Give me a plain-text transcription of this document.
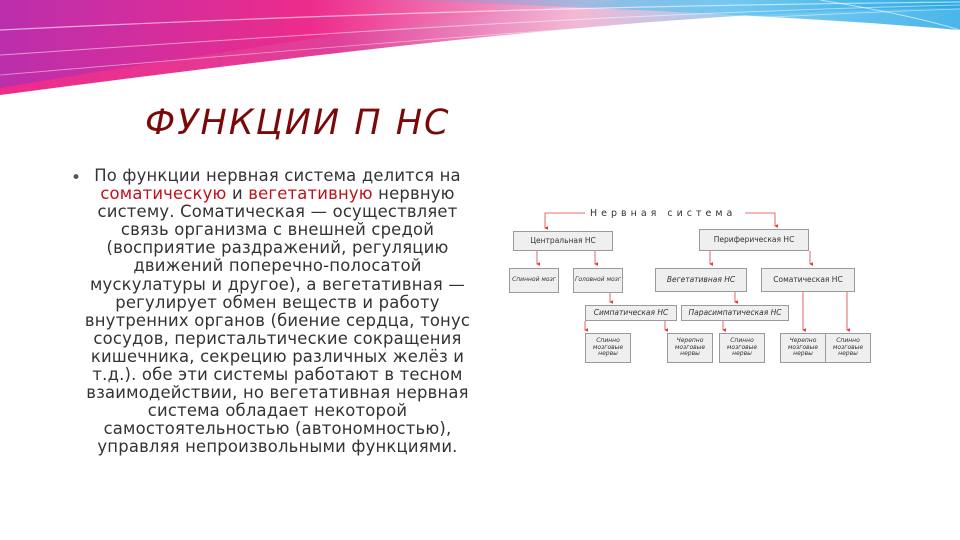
ФУНКЦИИ П НС
• По функции нервная система делится на соматическую и вегетативную нервную систему. Соматическая — осуществляет связь организма с внешней средой (восприятие раздражений, регуляцию движений поперечно-полосатой мускулатуры и другое), а вегетативная — регулирует обмен веществ и работу внутренних органов (биение сердца, тонус сосудов, перистальтические сокращения кишечника, секрецию различных желёз и т.д.). обе эти системы работают в тесном взаимодействии, но вегетативная нервная система обладает некоторой самостоятельностью (автономностью), управляя непроизвольными функциями.
Нервная система
Центральная НС	Периферическая НС
Спинной мозг	Головной мозг	Вегетативная НС	Соматическая НС
Симпатическая НС	Парасимпатическая НС
Спинно мозговые нервы
Черепно мозговые нервы
Спинно мозговые нервы
Черепно мозговые нервы
Спинно мозговые нервы
